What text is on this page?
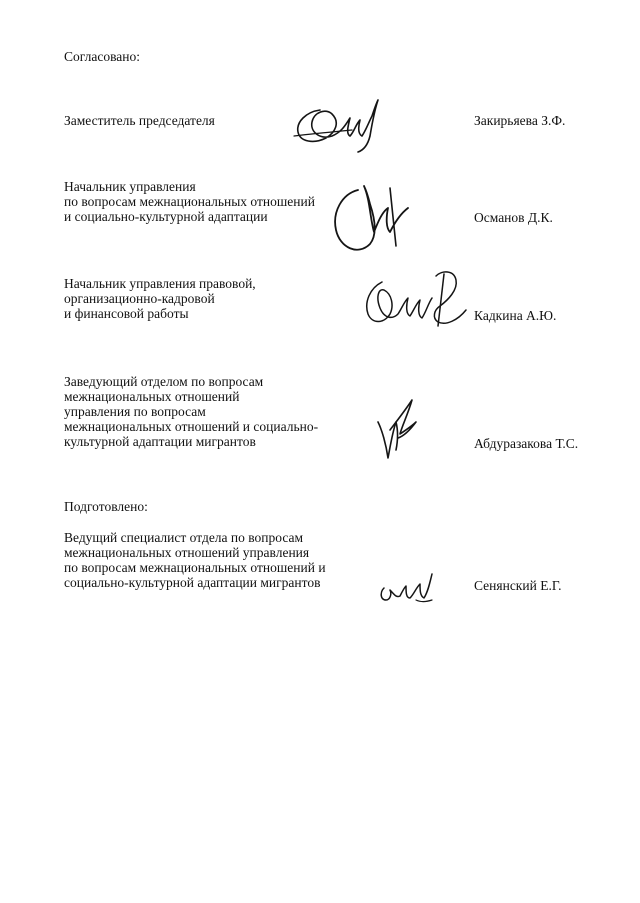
Согласовано:
Заместитель председателя	Закирьяева З.Ф.
Начальник управления
по вопросам межнациональных отношений
и социально-культурной адаптации	Османов Д.К.
Начальник управления правовой,
организационно-кадровой
и финансовой работы	Кадкина А.Ю.
Заведующий отделом по вопросам
межнациональных отношений
управления по вопросам
межнациональных отношений и социально-
культурной адаптации мигрантов	Абдуразакова Т.С.
Подготовлено:
Ведущий специалист отдела по вопросам
межнациональных отношений управления
по вопросам межнациональных отношений и
социально-культурной адаптации мигрантов	Сенянский Е.Г.
